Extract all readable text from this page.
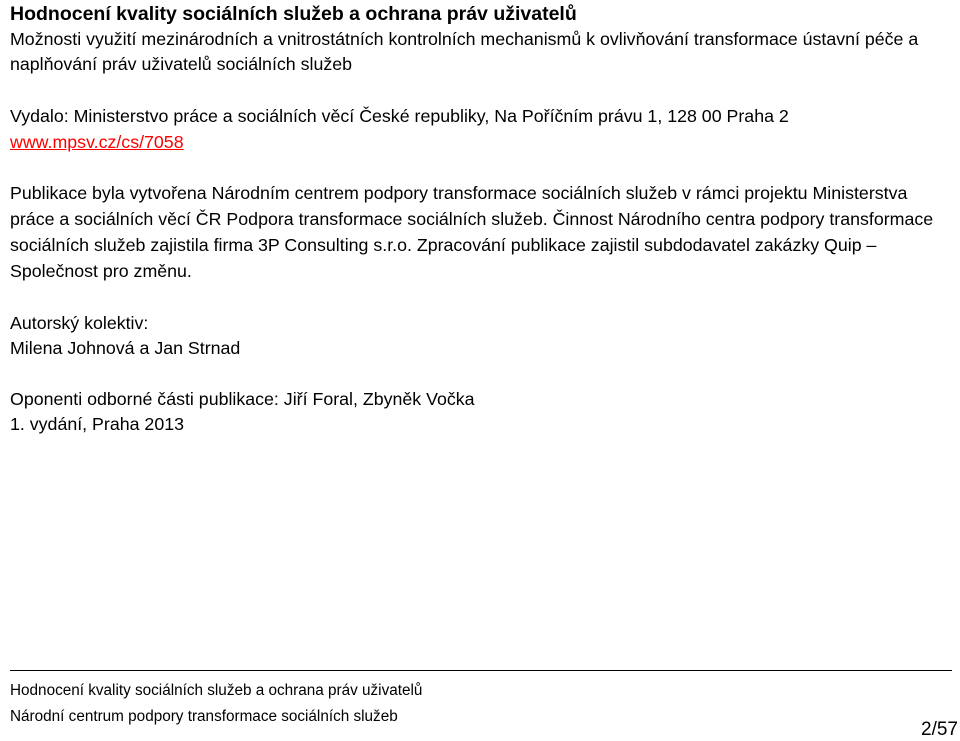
Hodnocení kvality sociálních služeb a ochrana práv uživatelů
Možnosti využití mezinárodních a vnitrostátních kontrolních mechanismů k ovlivňování transformace ústavní péče a naplňování práv uživatelů sociálních služeb
Vydalo: Ministerstvo práce a sociálních věcí České republiky, Na Poříčním právu 1, 128 00 Praha 2
www.mpsv.cz/cs/7058
Publikace byla vytvořena Národním centrem podpory transformace sociálních služeb v rámci projektu Ministerstva práce a sociálních věcí ČR Podpora transformace sociálních služeb. Činnost Národního centra podpory transformace sociálních služeb zajistila firma 3P Consulting s.r.o. Zpracování publikace zajistil subdodavatel zakázky Quip – Společnost pro změnu.
Autorský kolektiv:
Milena Johnová a Jan Strnad
Oponenti odborné části publikace: Jiří Foral, Zbyněk Vočka
1. vydání, Praha 2013
Hodnocení kvality sociálních služeb a ochrana práv uživatelů
Národní centrum podpory transformace sociálních služeb
2/57
